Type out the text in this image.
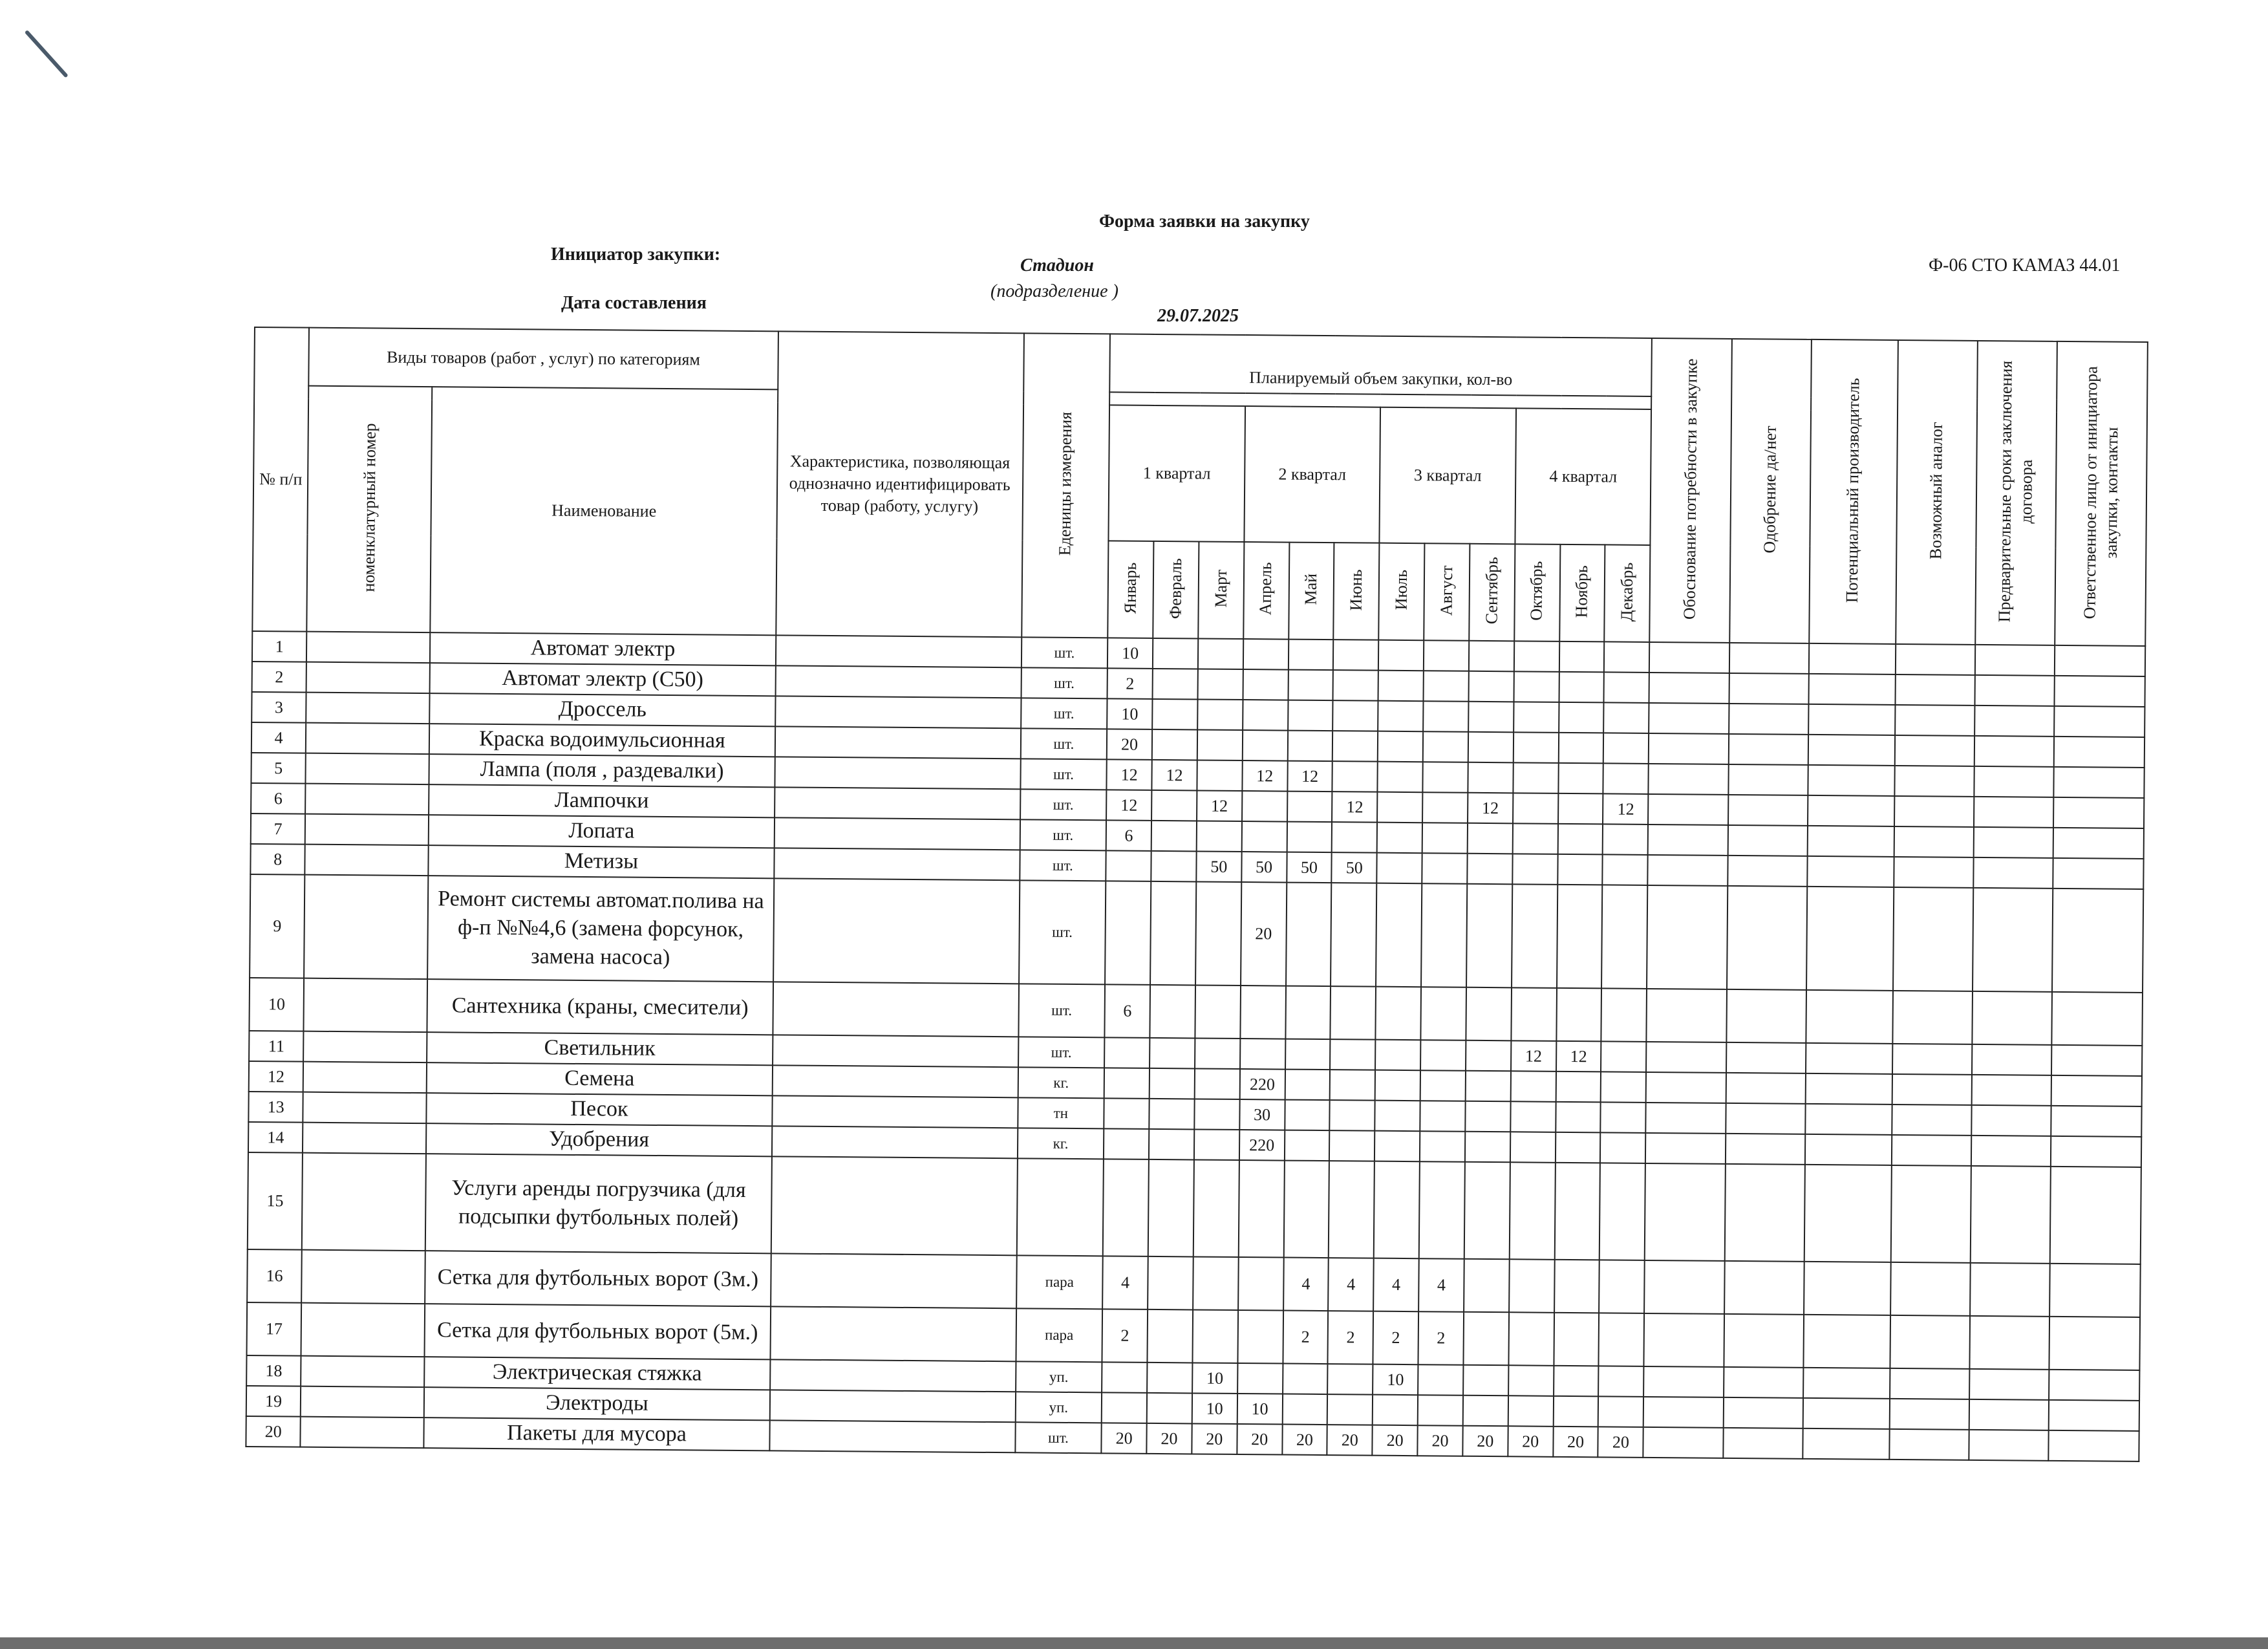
Форма заявки на закупку
Инициатор закупки:
Стадион
(подразделение )
Дата составления
29.07.2025
Ф-06 СТО КАМАЗ 44.01
№ п/п	Виды товаров (работ , услуг) по категориям		Характеристика, позволяющая однозначно идентифицировать товар (работу, услугу)	Еденицы измерения	Планируемый объем закупки, кол-во												Обоснование потребности в закупке	Одобрение да/нет	Потенциальный производитель	Возможный аналог	Предварительные сроки заключения договора	Ответственное лицо от инициатора закупки, контакты
	номенклатурный номер	Наименование																				
					1 квартал			2 квартал			3 квартал			4 квартал								
					Январь	Февраль	Март	Апрель	Май	Июнь	Июль	Август	Сентябрь	Октябрь	Ноябрь	Декабрь						
1		Автомат электр		шт.	10																	
2		Автомат электр (С50)		шт.	2																	
3		Дроссель		шт.	10																	
4		Краска водоимульсионная		шт.	20																	
5		Лампа (поля , раздевалки)		шт.	12	12		12	12													
6		Лампочки		шт.	12		12			12			12			12						
7		Лопата		шт.	6																	
8		Метизы		шт.			50	50	50	50												
9		Ремонт системы автомат.полива на ф-п №№4,6 (замена форсунок, замена насоса)		шт.				20														
10		Сантехника (краны, смесители)		шт.	6																	
11		Светильник		шт.										12	12							
12		Семена		кг.				220														
13		Песок		тн				30														
14		Удобрения		кг.				220														
15		Услуги аренды погрузчика (для подсыпки футбольных полей)																				
16		Сетка для футбольных ворот (3м.)		пара	4				4	4	4	4										
17		Сетка для футбольных ворот (5м.)		пара	2				2	2	2	2										
18		Электрическая стяжка		уп.			10				10											
19		Электроды		уп.			10	10														
20		Пакеты для мусора		шт.	20	20	20	20	20	20	20	20	20	20	20	20						
